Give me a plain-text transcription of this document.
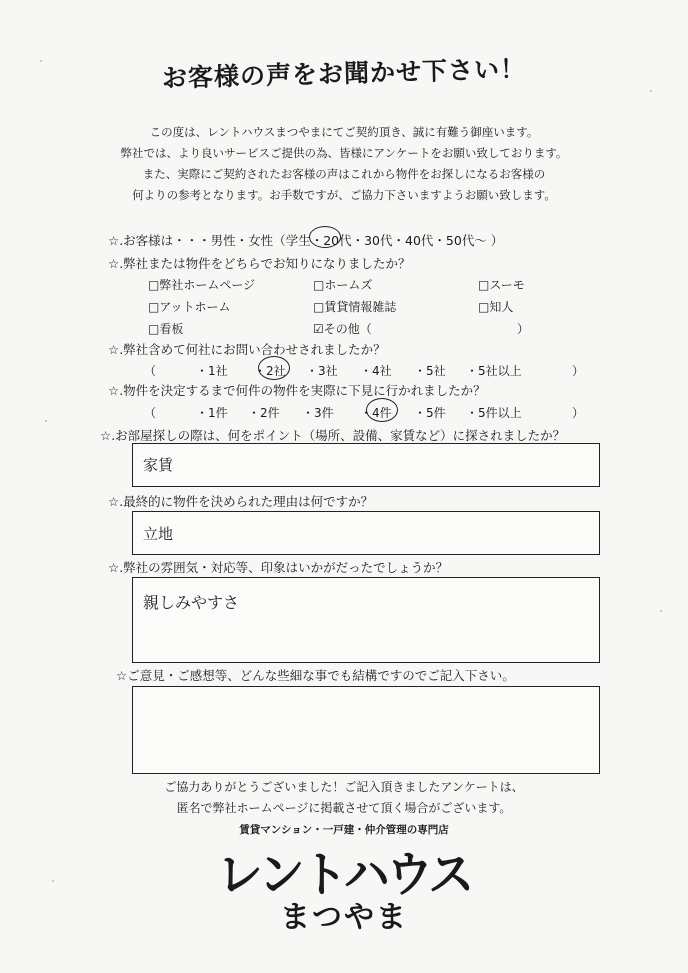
お客様の声をお聞かせ下さい！
この度は、レントハウスまつやまにてご契約頂き、誠に有難う御座います。
弊社では、より良いサービスご提供の為、皆様にアンケートをお願い致しております。
また、実際にご契約されたお客様の声はこれから物件をお探しになるお客様の
何よりの参考となります。お手数ですが、ご協力下さいますようお願い致します。
☆.お客様は・・・男性・女性（学生・20代・30代・40代・50代～ ）
☆.弊社または物件をどちらでお知りになりましたか？
□弊社ホームページ	□ホームズ	□スーモ
□アットホーム	□賃貸情報雑誌	□知人
□看板	☑その他（	）
☆.弊社含めて何社にお問い合わせされましたか？
（	・1社 ・2社 ・3社 ・4社 ・5社 ・5社以上	）
☆.物件を決定するまで何件の物件を実際に下見に行かれましたか？
（	・1件 ・2件 ・3件 ・4件 ・5件 ・5件以上	）
☆.お部屋探しの際は、何をポイント（場所、設備、家賃など）に探されましたか？
家賃
☆.最終的に物件を決められた理由は何ですか？
立地
☆.弊社の雰囲気・対応等、印象はいかがだったでしょうか？
親しみやすさ
☆ご意見・ご感想等、どんな些細な事でも結構ですのでご記入下さい。
ご協力ありがとうございました！ご記入頂きましたアンケートは、
匿名で弊社ホームページに掲載させて頂く場合がございます。
賃貸マンション・一戸建・仲介管理の専門店
レントハウス
まつやま
